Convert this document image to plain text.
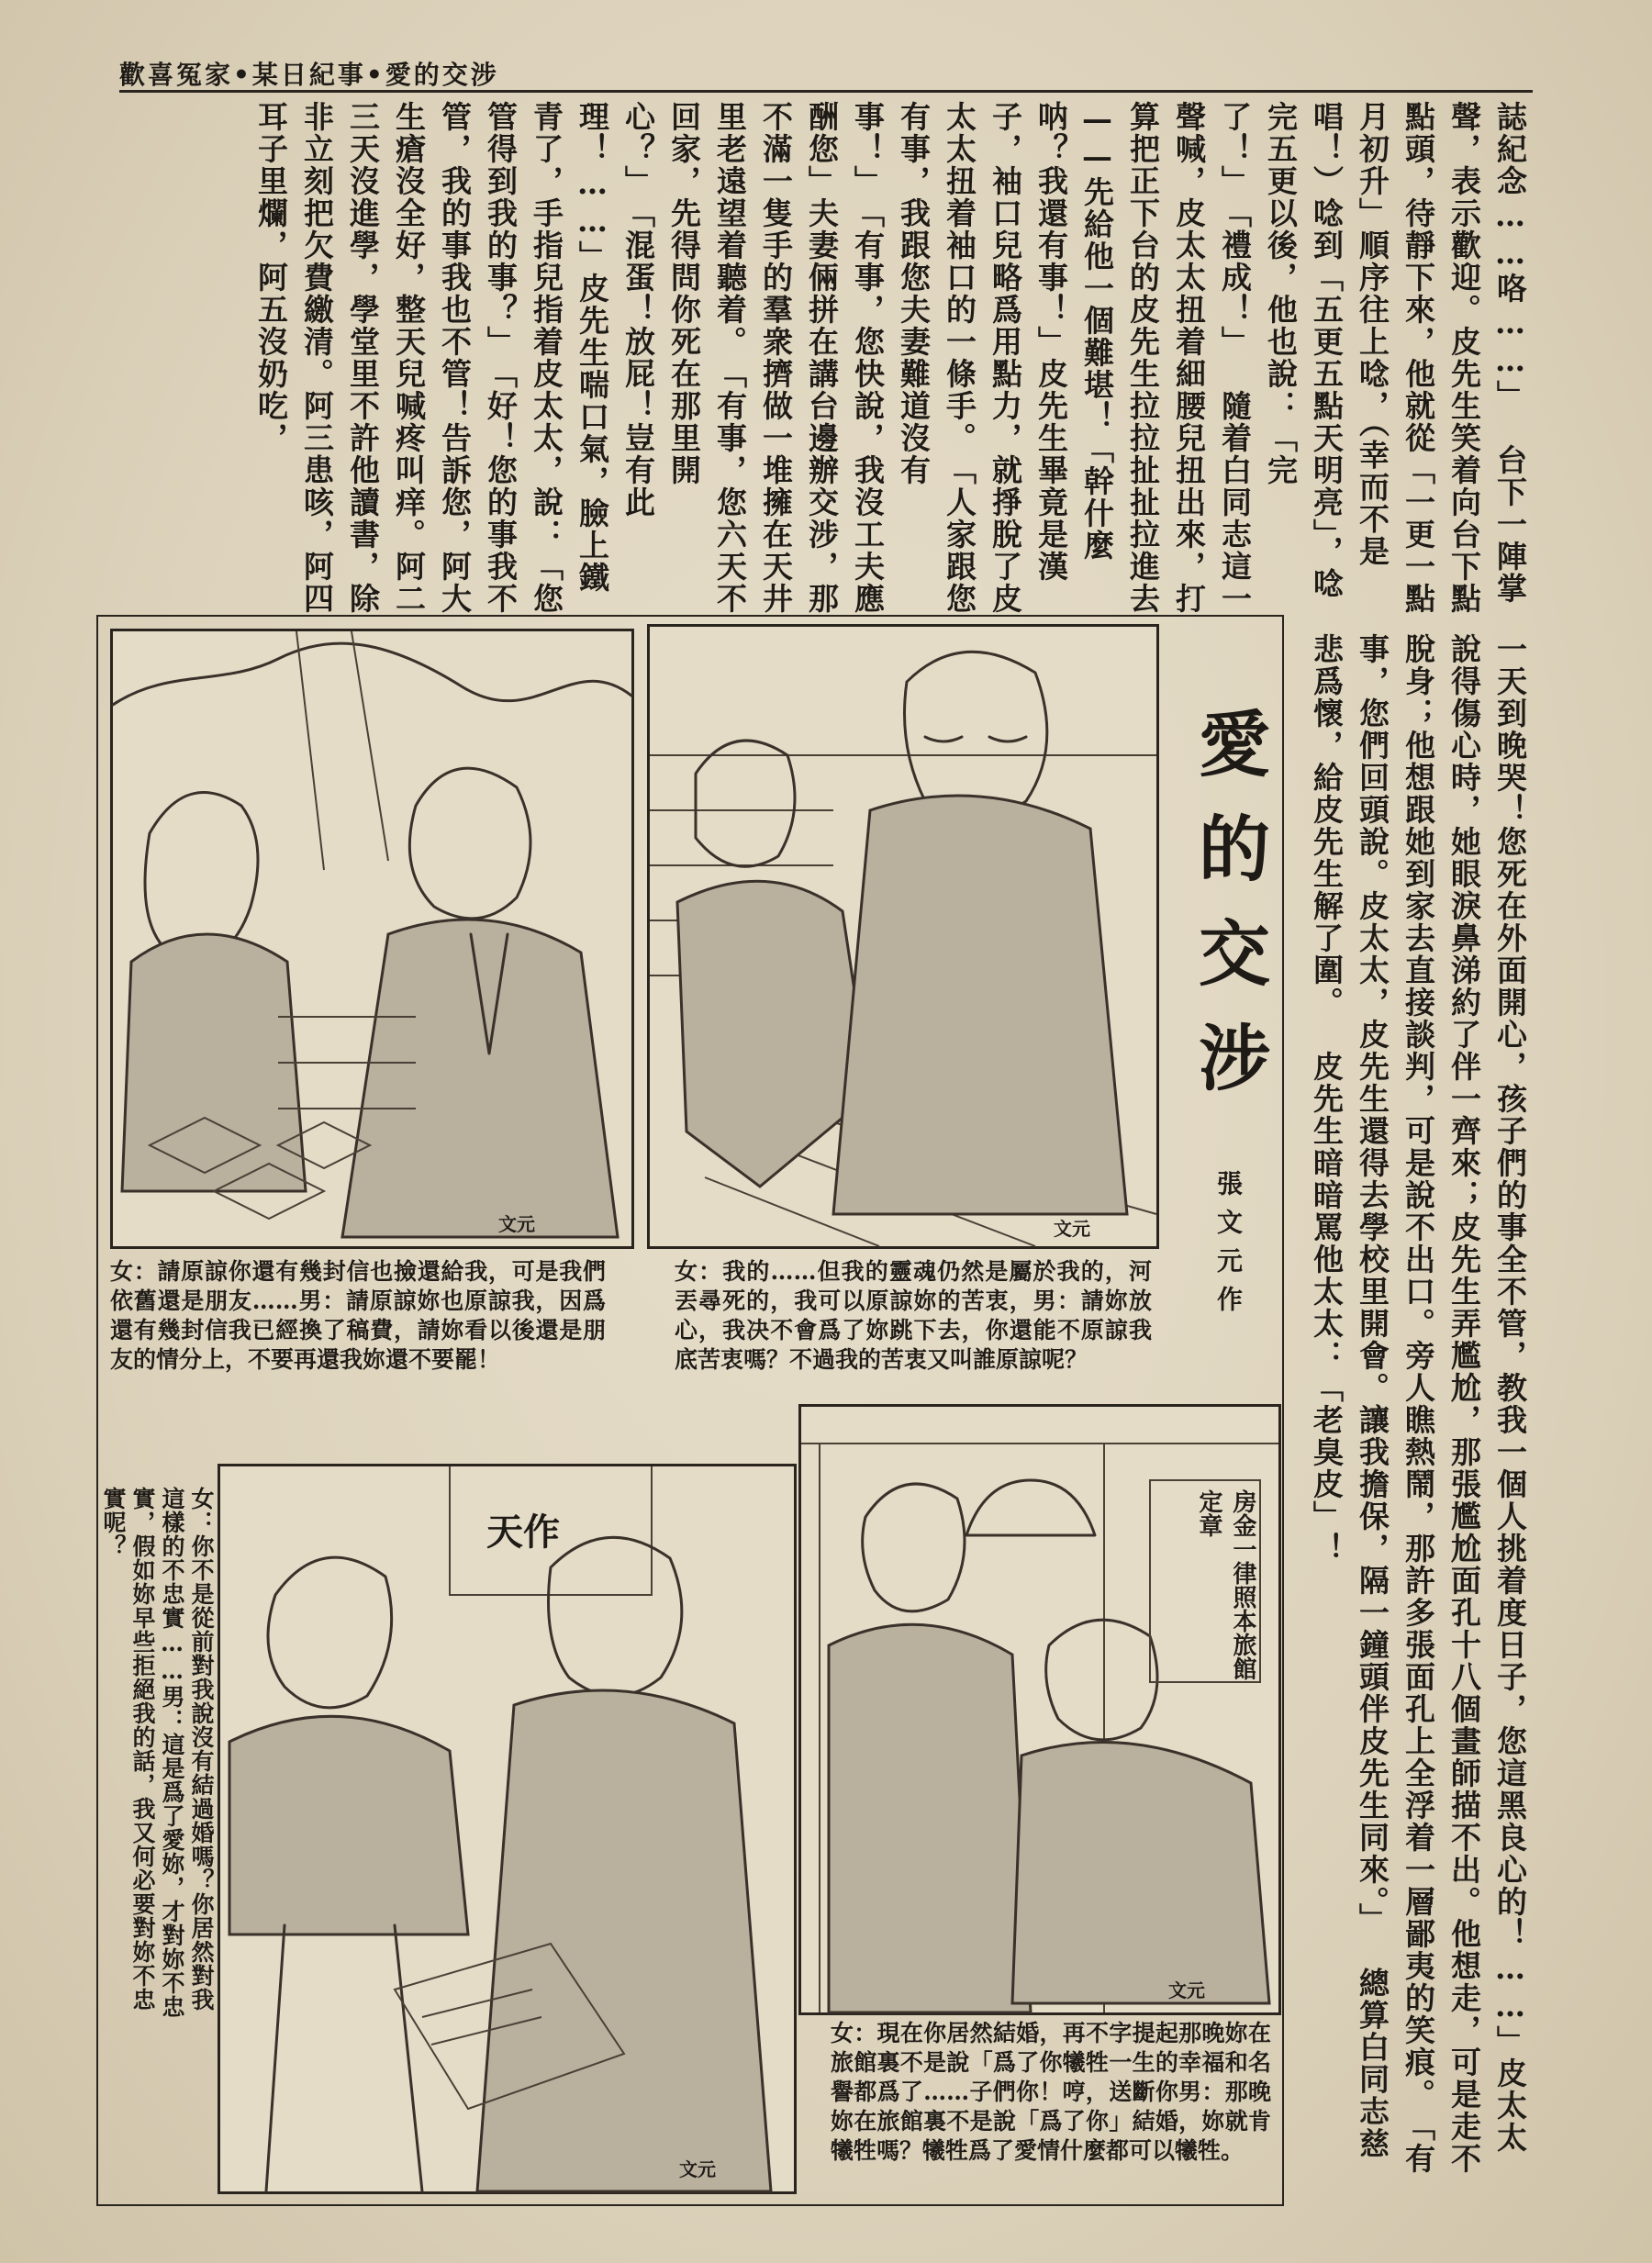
歡喜冤家•某日紀事•愛的交涉
誌紀念……咯……」　台下一陣掌聲，表示歡迎。皮先生笑着向台下點點頭，待靜下來，他就從「一更一點月初升」順序往上唸，（幸而不是唱！）唸到「五更五點天明亮」，唸完五更以後，他也說：「完了！」「禮成！」　隨着白同志這一聲喊，皮太太扭着細腰兒扭出來，打算把正下台的皮先生拉拉扯扯拉進去——先給他一個難堪！「幹什麼呐？我還有事！」皮先生畢竟是漢子，袖口兒略爲用點力，就掙脫了皮太太扭着袖口的一條手。「人家跟您有事，我跟您夫妻難道沒有事！」「有事，您快說，我沒工夫應酬您」夫妻倆拼在講台邊辦交涉，那不滿一隻手的羣衆擠做一堆擁在天井里老遠望着聽着。「有事，您六天不回家，先得問你死在那里開心？」「混蛋！放屁！豈有此理！……」皮先生喘口氣，臉上鐵青了，手指兒指着皮太太，說：「您管得到我的事？」「好！您的事我不管，我的事我也不管！告訴您，阿大生瘡沒全好，整天兒喊疼叫痒。阿二三天沒進學，學堂里不許他讀書，除非立刻把欠費繳清。阿三患咳，阿四耳子里爛，阿五沒奶吃，
一天到晚哭！您死在外面開心，孩子們的事全不管，教我一個人挑着度日子，您這黑良心的！……」皮太太說得傷心時，她眼淚鼻涕約了伴一齊來；皮先生弄尷尬，那張尷尬面孔十八個畫師描不出。他想走，可是走不脫身；他想跟她到家去直接談判，可是說不出口。旁人瞧熱鬧，那許多張面孔上全浮着一層鄙夷的笑痕。「有事，您們回頭說。皮太太，皮先生還得去學校里開會。讓我擔保，隔一鐘頭伴皮先生同來。」　總算白同志慈悲爲懷，給皮先生解了圍。　皮先生暗暗罵他太太：「老臭皮」！
愛的交涉
張文元作
文元	文元
女：請原諒你還有幾封信也撿還給我，可是我們依舊還是朋友……男：請原諒妳也原諒我，因爲還有幾封信我已經換了稿費，請妳看以後還是朋友的情分上，不要再還我妳還不要罷！
女：我的……但我的靈魂仍然是屬於我的，河丟尋死的，我可以原諒妳的苦衷，男：請妳放心，我决不會爲了妳跳下去，你還能不原諒我底苦衷嗎？不過我的苦衷又叫誰原諒呢？
女：你不是從前對我說沒有結過婚嗎？你居然對我這樣的不忠實……男：這是爲了愛妳，才對妳不忠實，假如妳早些拒絕我的話，我又何必要對妳不忠實呢？	天作
文元
房金一律照本旅館定章
文元
女：現在你居然結婚，再不字提起那晚妳在旅館裏不是說「爲了你犧牲一生的幸福和名譽都爲了……子們你！哼，送斷你男：那晚妳在旅館裏不是說「爲了你」結婚，妳就肯犧牲嗎？犧牲爲了愛情什麼都可以犧牲。
